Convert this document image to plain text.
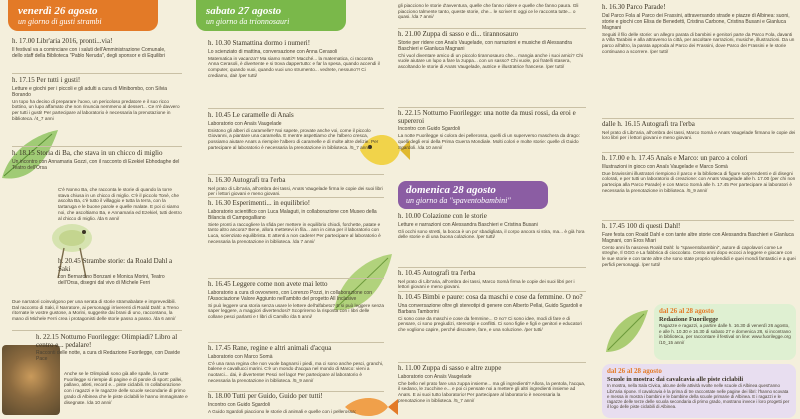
venerdì 26 agosto
un giorno di gusti strambi
h. 17.00 Libr'aria 2016, pronti...via!
Il festival va a cominciare con i saluti dell'Amministrazione Comunale, dello staff della Biblioteca "Pablo Neruda", degli sponsor e di Equilibri
h. 17.15 Per tutti i gusti!
Letture e giochi per i piccoli e gli adulti a cura di Minibombo, con Silvia Borando
Un topo ha deciso di preparare l'uovo, un pericoloso predatore e il suo ricco bottino, un lupo affamato che non rinuncia nemmeno al dessert... Ce n'è davvero per tutti i gusti! Per partecipare al laboratorio è necessaria la prenotazione in biblioteca. /4_7 anni
h. 18.15 Storia di Ba, che stava in un chicco di miglio
Un incontro con Annamaria Gozzi, con il racconto di Ezekiel Ebhodaghe del Teatro dell'Orsa
C'è Nonno Ba, che racconta le storie di quando la torre stava chiusa in un chicco di miglio. C'è il piccolo Tonè, che ascolta Ba, c'è tutto il villaggio e tutta la terra, con la tartaruga e le buone parole e quelle malate. E poi ci siamo noi, che ascoltiamo Ba, e Annamaria ed Ezekiel, tutti dentro al chicco di miglio. /da 6 anni/
h. 20.45 Strambe storie: da Roald Dahl a Saki
con Bernardino Bonzani e Monica Morini, Teatro dell'Orsa, disegni dal vivo di Michele Ferri
Due narratori coinvolgono per una serata di storie stramabalate e imprevedibili. Dal racconto di Saki, il Narratore, ai personaggi irriverenti di Roald Dahl: a Treno ritornate le vostre gustose, a Morini, suggerite dai brani di uno, raccontano, la mano di Michele Ferri crea i protagonisti delle storie passo a passo. /da 6 anni/
h. 22.15 Notturno Fuorilegge: Olimpiadi? Libro al centro e... pedalare!
Racconti delle notte, a cura di Redazione Fuorilegge, con Davide Pace
Anche se le Olimpiadi sono già alle spalle, la notte Fuorilegge si riempie di pagine e di parole di sport: pallei, pallavo, atleti, record e... piste ciclabili. In collaborazione con i ragazzi e le ragazze delle scuole secondarie di primo grado di Albinea che le piste ciclabili le hanno immaginate e disegnate. /da 10 anni/
sabato 27 agosto
un giorno da trionnosauri
h. 10.30 Stamattina dormo i numeri!
Lo scienziato di mattina, conversazione con Anna Cerasoli
Matematica in vacanza? Ma siamo matti?! Macché... la matematica, ci racconta Anna Cerasoli, è divertente e si trova dappertutto: e far la spesa, quando accendi il computer, quando vuoi, quando vuoi uno strumento... vedrete, nessuno?! Ci crediamo, dai! /per tutti/
h. 10.45 Le caramelle di Anaïs
Laboratorio con Anaïs Vaugelade
Esistono gli alberi di caramelle? Noi sapete, provate anche voi, come il piccolo Giovanni, a piantare una caramella. E mentre aspettiamo che l'albero cresca, possiamo aiutare Anaïs a riempire l'albero di caramelle e di molte altre delizie. Per partecipare al laboratorio è necessaria la prenotazione in biblioteca. /5_7 anni/
h. 16.30 Autografi tra l'erba
Nel prato di Libr'aria, all'ombra dei tassi, Anaïs Vaugelade firma le copie dei suoi libri per i lettori giovani e meno giovani.
h. 16.30 Esperimenti... in equilibrio!
Laboratorio scientifico con Luca Malaguti, in collaborazione con Museo della Bilancia di Campogalliano
Siete pronti a raccogliere la sfida per mettere in equilibrio chiodi, forchette, patate e tanto altro ancora? Bene, allora mettetevi in fila... ann in cima per il laboratorio con Luca, scienziato equilibrista. E attenti a non cadere! Per partecipare al laboratorio è necessaria la prenotazione in biblioteca. /da 7 anni/
h. 16.45 Leggere come non avete mai letto
Laboratorio a cura di ovvovnero, con Lorenzo Pozzi, in collaborazione con l'Associazione Valore Aggiunto nell'ambito del progetto All Inclusive
Si può leggere una storia senza usare le lettere dell'alfabeto? E si può leggere senza saper leggere, a maggiori divertendosi? Scopriremo la risposta con i libri delle collane pesci parlanti e I libri di Camillo /da 5 anni/
h. 17.45 Rane, regine e altri animali d'acqua
Laboratorio con Marco Somà
C'è una rana regina che non vuole bagnarsi i piedi, ma ci sono anche pesci, granchi, balene e cavallucci marini. C'è un mondo d'acqua nel mondo di Marco: vieni a nuotarci... dai, è divertente! Pesci nel lago! Per partecipare al laboratorio è necessaria la prenotazione in biblioteca. /5_9 anni/
h. 18.00 Tutti per Guido, Guido per tutti!
Incontro con Guido Sgardoli
A Guido Sgardoli piacciono le storie di animali e quelle con i pellerossa;
gli piacciono le storie d'avventura, quelle che fanno ridere e quelle che fanno paura. Gli piacciono talmente tanto, queste storie, che... le scrive! E oggi ce le racconta tutte... o quasi. /da 7 anni/
h. 21.00 Zuppa di sasso e di... tirannosauro
Storie per ridere con Anaïs Vaugelade, con narrazioni e musiche di Alessandra Baschieri e Gianluca Magnani
Chi vuol diventare amico di un piccolo tirannosauro che... mangia anche i suoi amici? Chi vuole aiutare un lupo a fare la zuppa... con un sasso? Chi vuole, poi fratelli stasera, ascoltando le storie di Anaïs Vaugelade, autrice e illustratrice francese. /per tutti/
h. 22.15 Notturno Fuorilegge: una notte da musi rossi, da eroi e supereroi
Incontro con Guido Sgardoli
La notte Fuorilegge si colora dei pellerossa, quelli di un superverso maschera da drago: quelli degli eroi della Prima Guerra Mondiale. Molti colori e molte storie: quelle di Guido Sgardoli. /da 10 anni/
domenica 28 agosto
un giorno da "spaventobambini"
h. 10.00 Colazione con le storie
Letture e narrazioni con Alessandra Baschieri e Cristina Busani
Gli occhi sono stretti, la bocca è un po' sbadigliata, il corpo ancora si stira, ma... è già l'ora delle storie e di una buona colazione. /per tutti/
h. 10.45 Autografi tra l'erba
Nel prato di Libr'aria, all'ombra dei tassi, Marco Somà firma le copie dei suoi libri per i lettori giovani e meno giovani.
h. 10.45 Bimbi e paure: cosa da maschi e cose da femmine. O no?
Una conversazione oltre gli stereotipi di genere con Alberto Pellai, Guido Sgardoli e Barbara Tamborini
Ci sono cose da maschi e cose da femmine... O no? Ci sono idee, modi di fare e di pensare, ci sono pregiudizi, stereotipi e conflitti. Ci sono figlie e figli e genitori e educatori che vogliono capire, perché discutere, fare, e una soluzione. /per tutti/
h. 11.00 Zuppa di sasso e altre zuppe
Laboratorio con Anaïs Vaugelade
Che bello nel prato fare una zuppa insieme... ma gli ingredienti? Allora, la pentola, l'acqua, il sedano, le zucchine e... e poi ci pensate noi a mettere gli altri ingredienti insieme ad Anaïs. E ai suoi tutto laboratorio! Per partecipare al laboratorio è necessaria la prenotazione in biblioteca. /5_7 anni/
h. 16.30 Parco Parade!
Dal Parco Fola al Parco dei Frassini, attraversando strade e piazze di Albinea: suoni, storie e giochi con Elisa de Benedetti, Cristina Carbone, Cristina Busani e Gianluca Magnani
Seguiti il filo delle storie: un allegro parata di bambini e genitori parte da Parco Fola, davanti a Villa Tarabini e alla attraverso la città, per ascoltare narrazioni, musiche, illustrazioni. Da un parco all'altro, la parata approda al Parco dei Frassini, dove Parco dei Frassini e le storie continuano a scorrere. /per tutti/
dalle h. 16.15 Autografi tra l'erba
Nel prato di Libr'aria, all'ombra dei tassi, Marco Somà e Anaïs Vaugelade firmano le copie dei loro libri per i lettori giovani e meno giovani.
h. 17.00 e h. 17.45 Anaïs e Marco: un parco a colori
Illustrazioni in gioco con Anaïs Vaugelade e Marco Somà
Due bravissimi illustratori riempiono il parco e la biblioteca di figure sorprendenti e di disegni colorati, e per tutti un laboratorio di creazione: con Anaïs Vaugelade alle h. 17.00 (per chi non partecipa alla Parco Parade) e con Marco Somà alle h. 17.45 Per partecipare ai laboratori è necessaria la prenotazione in biblioteca. /5_9 anni/
h. 17.45 100 di questi Dahl!
Fare festa con Roald Dahl e con tante altre storie con Alessandra Baschieri e Gianluca Magnani, con Eros Miari
Cento anni fa nasceva Roald Dahl: lo "spaventobambini", autore di capolavori come Le streghe, Il GGG e La fabbrica di cioccolato. Cento anni dopo eccoci a leggere e giocare con le sue storie e con tante altre che sono state proprio splendidi e quei mondi fantastici e a quei perfidi personaggi. /per tutti/
dal 26 al 28 agosto
Redazione Fuorilegge
Ragazze e ragazzi, a partire dalle h. 16.30 di venerdì 26 agosto, e alle h. 10.30 e 16.30 di sabato 27 e domenica 28, si incontrano in biblioteca, per raccontare il festival on line: www.fuorilegge.org /10_15 anni/
dal 26 al 28 agosto
Scuole in mostra: dai cavalcavia alle piste ciclabili
In mostra, nella Sala Civica, alcune delle attività svolte nelle scuole di Albinea quest'anno Libr'aria ripone. Il cavalcavia è la prima di tre raccontate nelle pagine dei libri: l'hanno scovata e messa in mostra i bambini e le bambine della scuole primarie di Albinea. E i ragazzi e le ragazze delle terze delle scuola secondaria di primo grado, mostrano invece i loro progetti per il logo delle piste ciclabili di Albinea.
